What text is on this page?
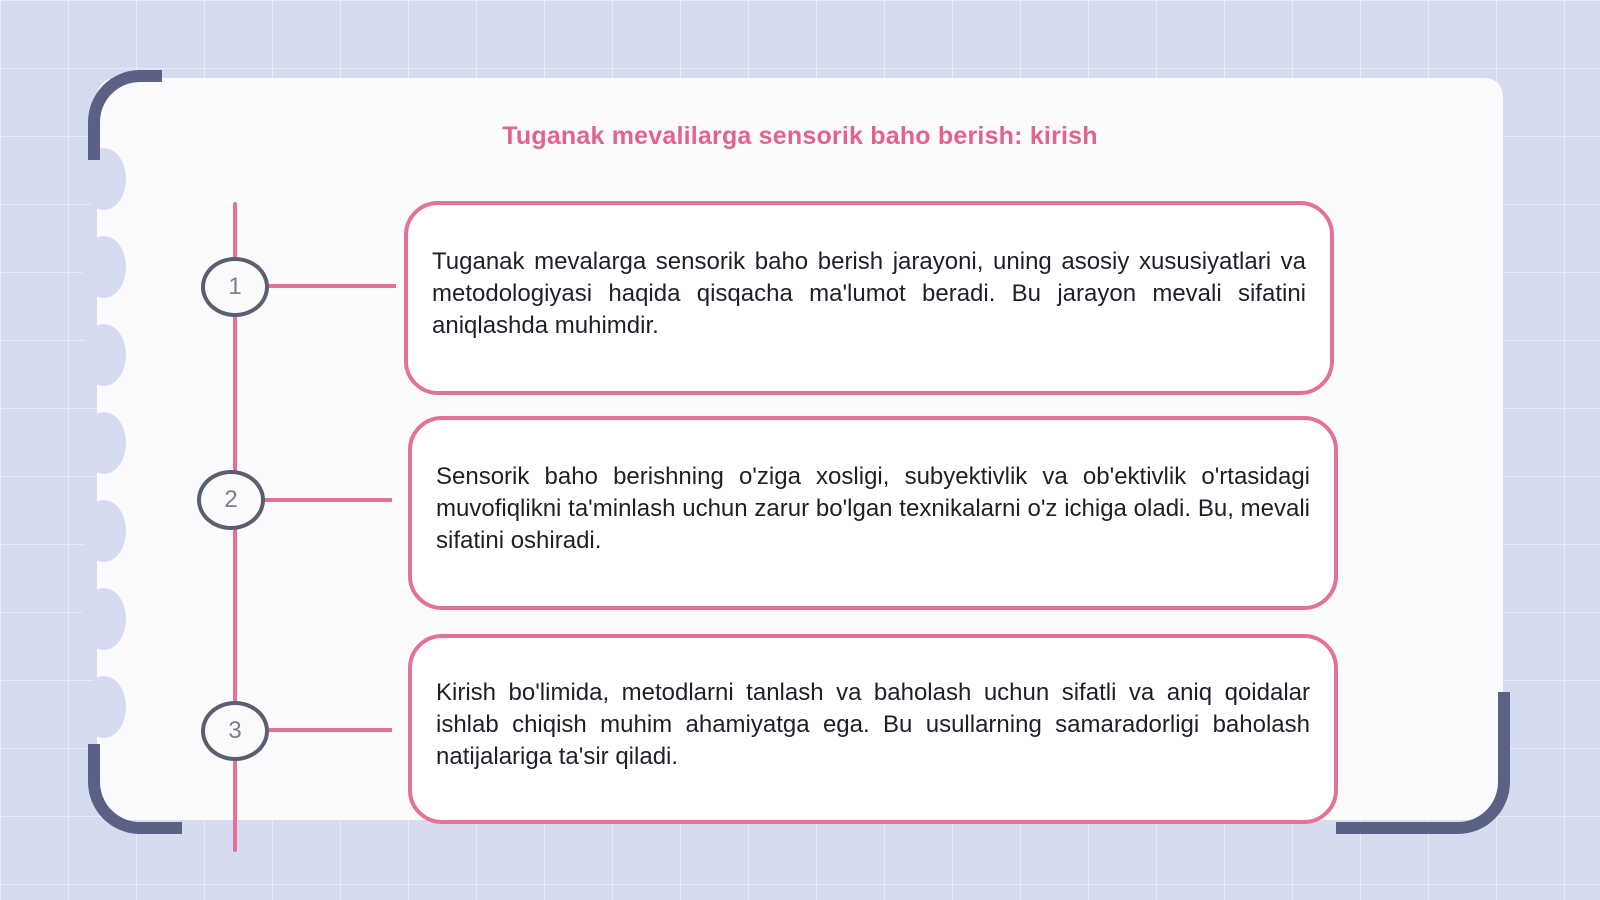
Tuganak mevalilarga sensorik baho berish: kirish
1
Tuganak mevalarga sensorik baho berish jarayoni, uning asosiy xususiyatlari va metodologiyasi haqida qisqacha ma'lumot beradi. Bu jarayon mevali sifatini aniqlashda muhimdir.
2
Sensorik baho berishning o'ziga xosligi, subyektivlik va ob'ektivlik o'rtasidagi muvofiqlikni ta'minlash uchun zarur bo'lgan texnikalarni o'z ichiga oladi. Bu, mevali sifatini oshiradi.
3
Kirish bo'limida, metodlarni tanlash va baholash uchun sifatli va aniq qoidalar ishlab chiqish muhim ahamiyatga ega. Bu usullarning samaradorligi baholash natijalariga ta'sir qiladi.
